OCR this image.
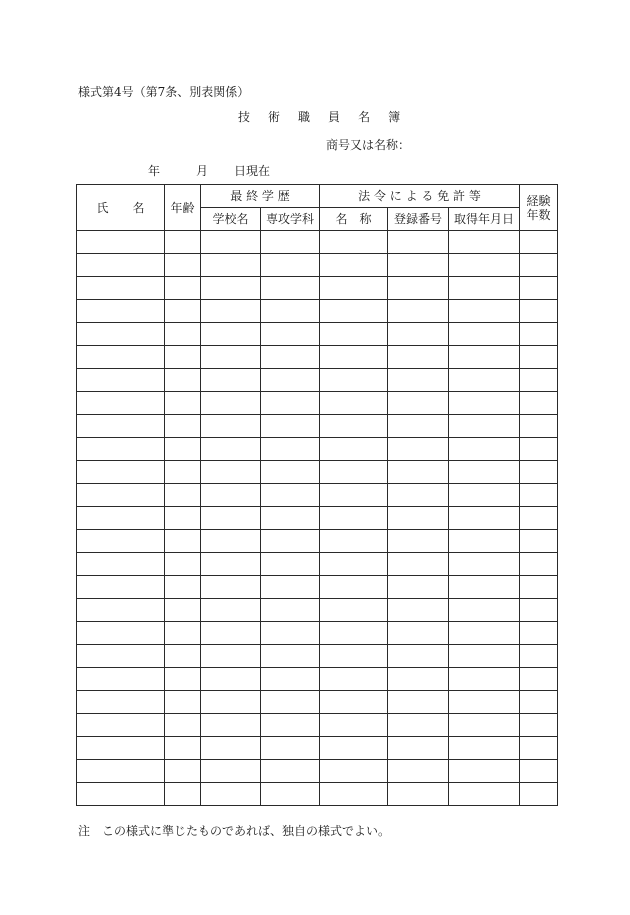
様式第4号（第7条、別表関係）
技 術 職 員 名 簿
商号又は名称：
年	月 日現在
氏　　名	年齢	最 終 学 歴		法 令 に よ る 免 許 等			経験
年数

		学校名	専攻学科	名　称	登録番号	取得年月日	

注　この様式に準じたものであれば、独自の様式でよい。
